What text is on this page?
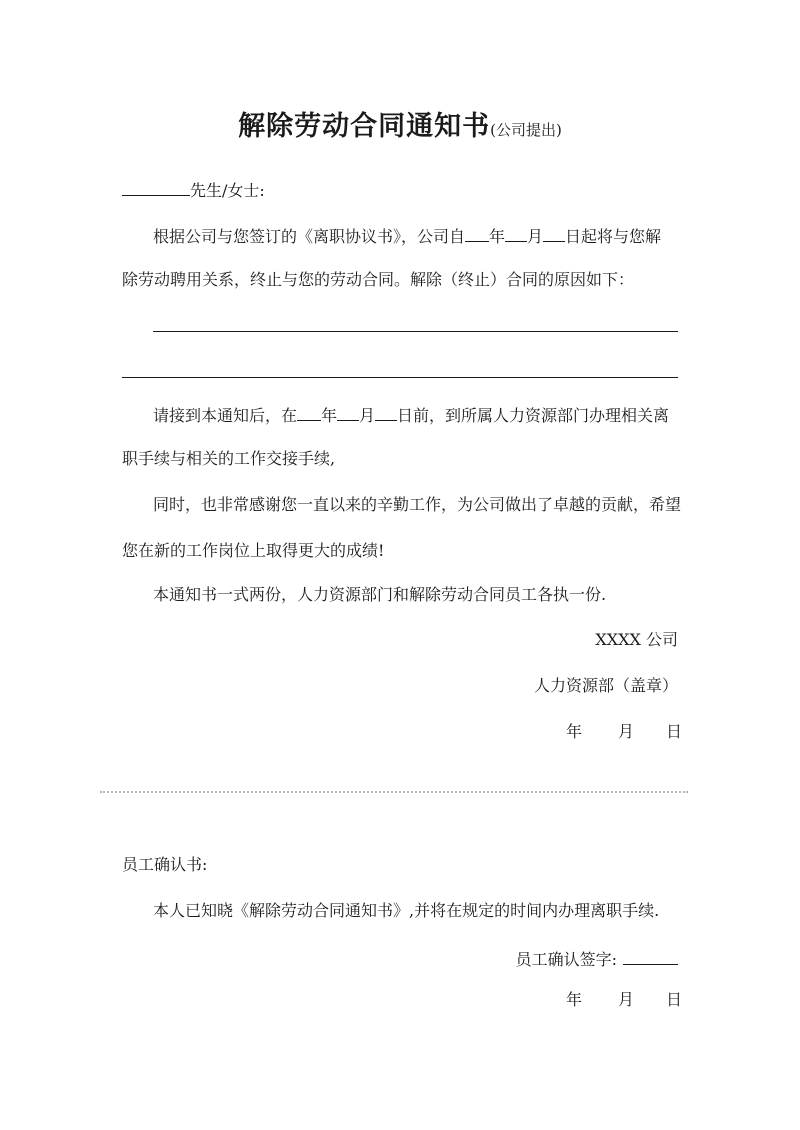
解除劳动合同通知书(公司提出)
先生/女士:
根据公司与您签订的《离职协议书》，公司自 年 月 日起将与您解
除劳动聘用关系，终止与您的劳动合同。解除（终止）合同的原因如下：
请接到本通知后，在 年 月 日前，到所属人力资源部门办理相关离
职手续与相关的工作交接手续,
同时，也非常感谢您一直以来的辛勤工作，为公司做出了卓越的贡献，希望
您在新的工作岗位上取得更大的成绩!
本通知书一式两份，人力资源部门和解除劳动合同员工各执一份.
XXXX 公司
人力资源部（盖章）
年 月 日
员工确认书:
本人已知晓《解除劳动合同通知书》,并将在规定的时间内办理离职手续.
员工确认签字:
年 月 日
